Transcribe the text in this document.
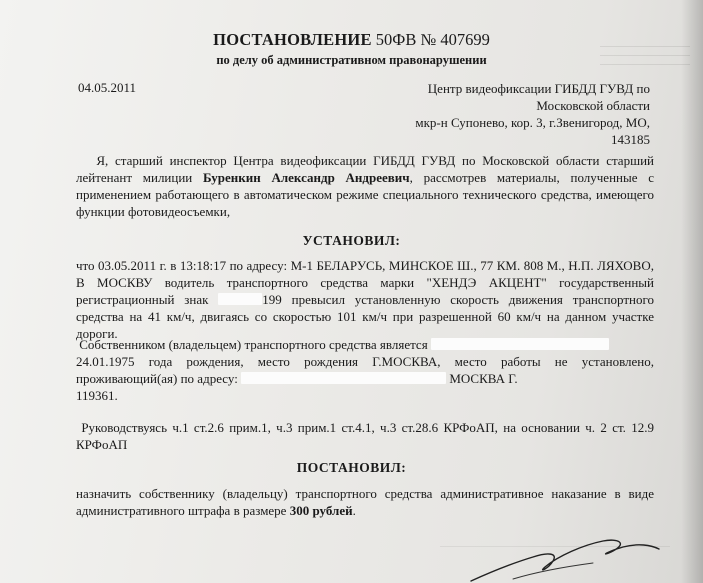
ПОСТАНОВЛЕНИЕ 50ФВ № 407699
по делу об административном правонарушении
04.05.2011	Центр видеофиксации ГИБДД ГУВД по
Московской области
мкр-н Супонево, кор. 3, г.Звенигород, МО,
143185

Я, старший инспектор Центра видеофиксации ГИБДД ГУВД по Московской области старший лейтенант милиции Буренкин Александр Андреевич, рассмотрев материалы, полученные с применением работающего в автоматическом режиме специального технического средства, имеющего функции фотовидеосъемки,

УСТАНОВИЛ:

что 03.05.2011 г. в 13:18:17 по адресу: М-1 БЕЛАРУСЬ, МИНСКОЕ Ш., 77 КМ. 808 М., Н.П. ЛЯХОВО, В МОСКВУ водитель транспортного средства марки "ХЕНДЭ АКЦЕНТ" государственный регистрационный знак	199 превысил установленную скорость движения транспортного средства на 41 км/ч, двигаясь со скоростью 101 км/ч при разрешенной 60 км/ч на данном участке дороги.

Собственником (владельцем) транспортного средства является
24.01.1975 года рождения, место рождения Г.МОСКВА, место работы не установлено, проживающий(ая) по адресу:	МОСКВА Г.
119361.

Руководствуясь ч.1 ст.2.6 прим.1, ч.3 прим.1 ст.4.1, ч.3 ст.28.6 КРФоАП, на основании ч. 2 ст. 12.9 КРФоАП

ПОСТАНОВИЛ:

назначить собственнику (владельцу) транспортного средства административное наказание в виде административного штрафа в размере 300 рублей.
